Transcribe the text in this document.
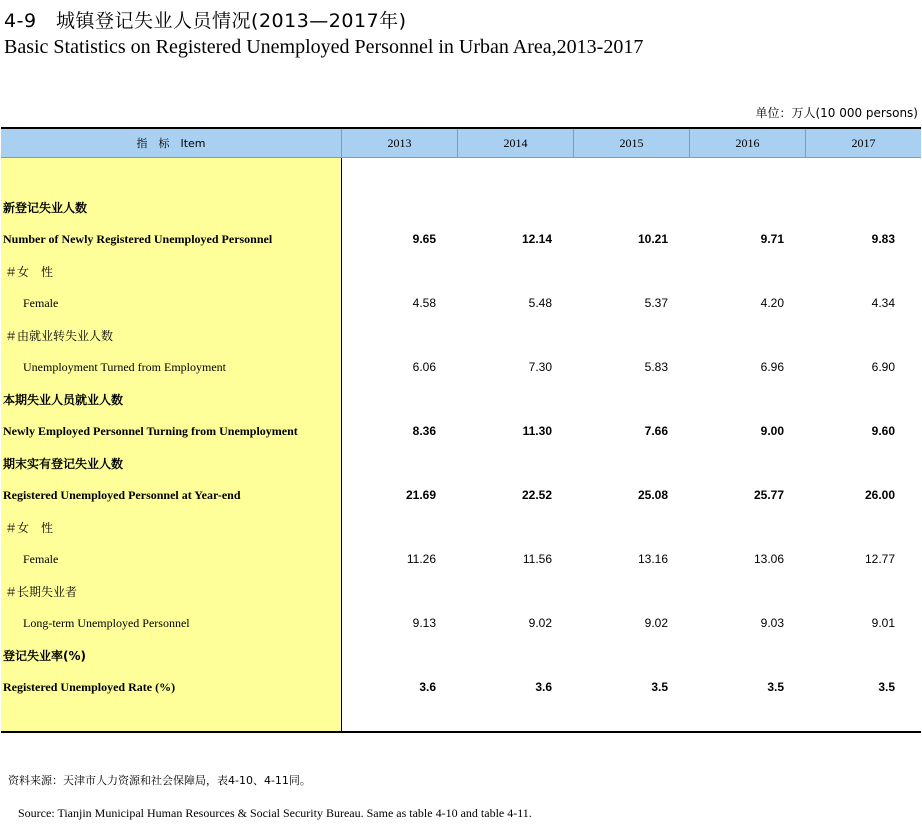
4-9　城镇登记失业人员情况(2013—2017年)
Basic Statistics on Registered Unemployed Personnel in Urban Area,2013-2017
单位：万人(10 000 persons)
指　标　Item	2013	2014	2015	2016	2017
新登记失业人数
Number of Newly Registered Unemployed Personnel	9.65	12.14	10.21	9.71	9.83
＃女　性
Female	4.58	5.48	5.37	4.20	4.34
＃由就业转失业人数
Unemployment Turned from Employment	6.06	7.30	5.83	6.96	6.90
本期失业人员就业人数
Newly Employed Personnel Turning from Unemployment	8.36	11.30	7.66	9.00	9.60
期末实有登记失业人数
Registered Unemployed Personnel at Year-end	21.69	22.52	25.08	25.77	26.00
＃女　性
Female	11.26	11.56	13.16	13.06	12.77
＃长期失业者
Long-term Unemployed Personnel	9.13	9.02	9.02	9.03	9.01
登记失业率(%)
Registered Unemployed Rate (%)	3.6	3.6	3.5	3.5	3.5
资料来源：天津市人力资源和社会保障局，表4-10、4-11同。
Source: Tianjin Municipal Human Resources & Social Security Bureau. Same as table 4-10 and table 4-11.
